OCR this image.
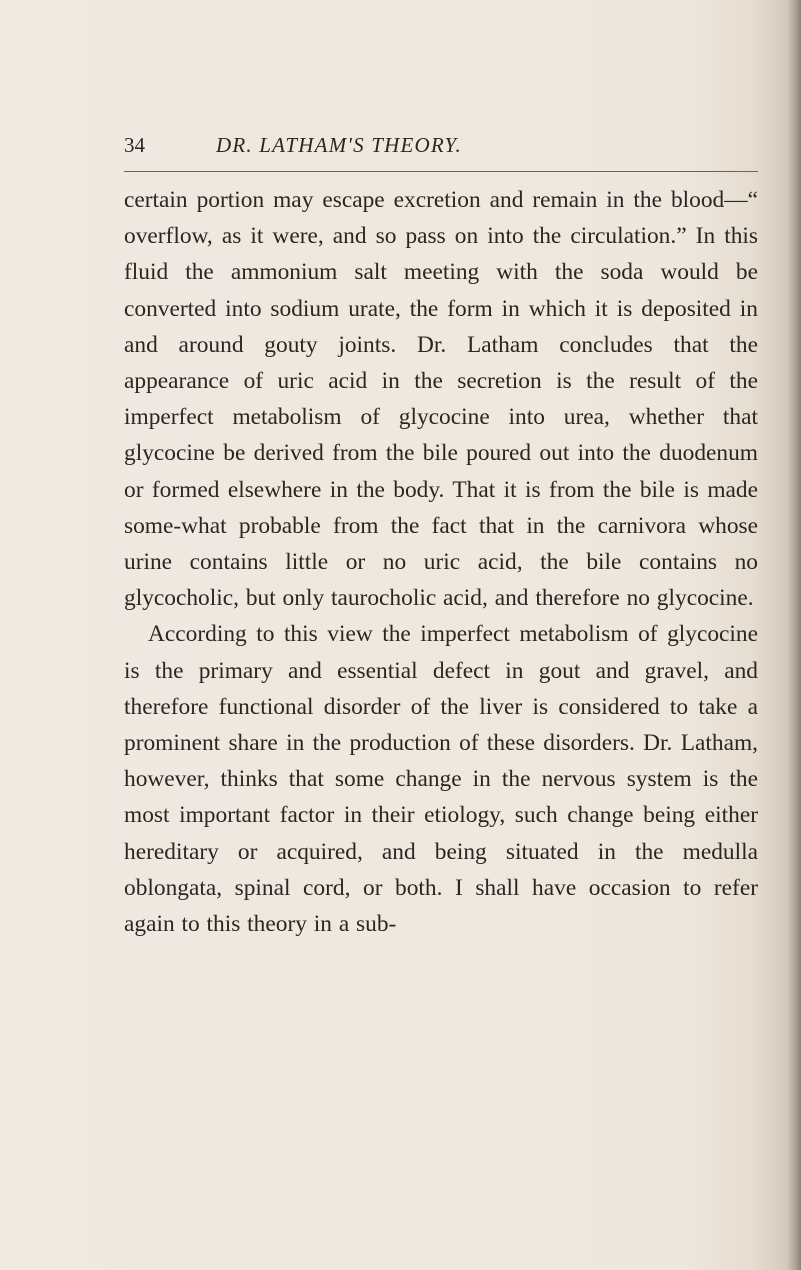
34	DR. LATHAM'S THEORY.

certain portion may escape excretion and remain in the blood—“ overflow, as it were, and so pass on into the circulation.” In this fluid the ammonium salt meeting with the soda would be converted into sodium urate, the form in which it is deposited in and around gouty joints. Dr. Latham concludes that the appearance of uric acid in the secretion is the result of the imperfect metabolism of glycocine into urea, whether that glycocine be derived from the bile poured out into the duodenum or formed elsewhere in the body. That it is from the bile is made some-what probable from the fact that in the carnivora whose urine contains little or no uric acid, the bile contains no glycocholic, but only taurocholic acid, and therefore no glycocine.

According to this view the imperfect metabolism of glycocine is the primary and essential defect in gout and gravel, and therefore functional disorder of the liver is considered to take a prominent share in the production of these disorders. Dr. Latham, however, thinks that some change in the nervous system is the most important factor in their etiology, such change being either hereditary or acquired, and being situated in the medulla oblongata, spinal cord, or both. I shall have occasion to refer again to this theory in a sub-
